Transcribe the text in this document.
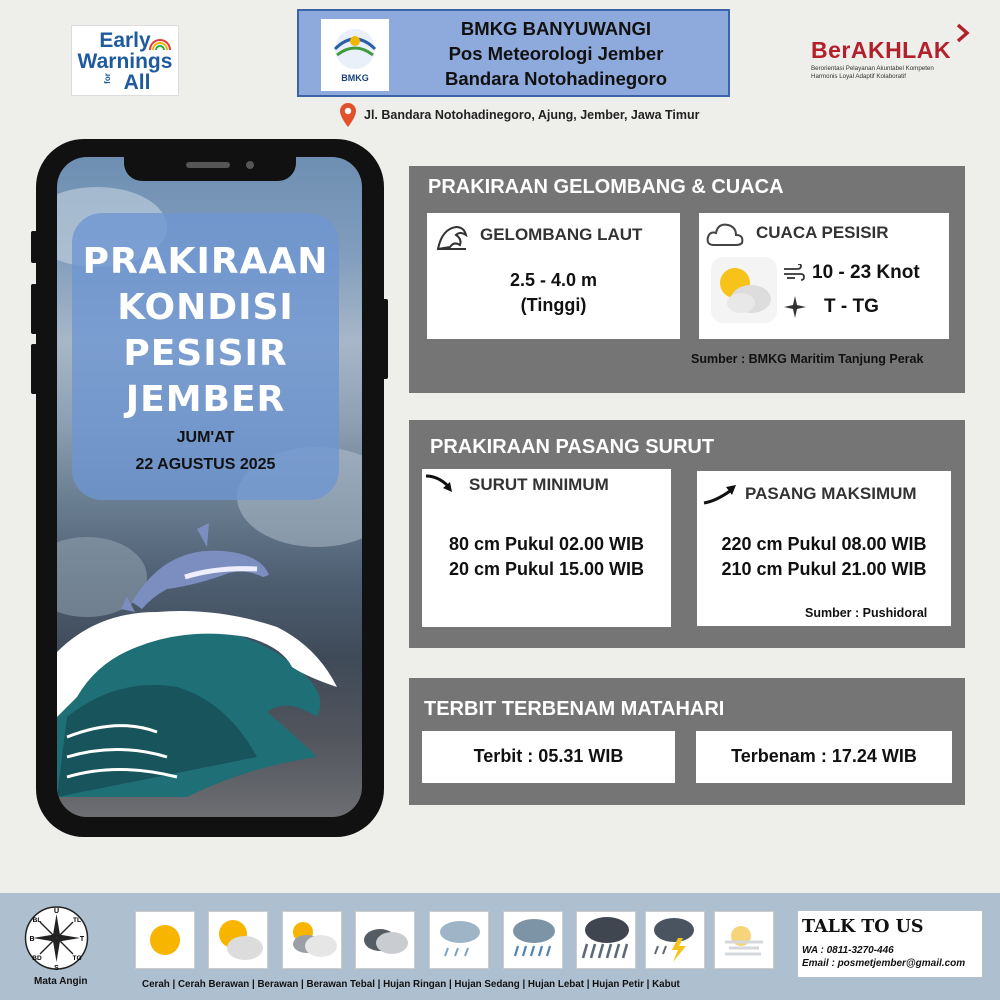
Early
Warnings
All
for	BMKG
BMKG BANYUWANGI
Pos Meteorologi Jember
Bandara Notohadinegoro
Jl. Bandara Notohadinegoro, Ajung, Jember, Jawa Timur
BerAKHLAK
Berorientasi Pelayanan Akuntabel Kompeten
Harmonis Loyal Adaptif Kolaboratif
PRAKIRAAN
KONDISI
PESISIR
JEMBER
JUM'AT
22 AGUSTUS 2025
PRAKIRAAN GELOMBANG & CUACA
GELOMBANG LAUT
2.5 - 4.0 m
(Tinggi)
CUACA PESISIR
10 - 23 Knot
T - TG
Sumber : BMKG Maritim Tanjung Perak
PRAKIRAAN PASANG SURUT
SURUT MINIMUM
80 cm Pukul 02.00 WIB
20 cm Pukul 15.00 WIB
PASANG MAKSIMUM
220 cm Pukul 08.00 WIB
210 cm Pukul 21.00 WIB
Sumber : Pushidoral
TERBIT TERBENAM MATAHARI
Terbit : 05.31 WIB	Terbenam : 17.24 WIB
U
S
B	T
BL	TL
BD	TG
Mata Angin	Cerah | Cerah Berawan | Berawan | Berawan Tebal | Hujan Ringan | Hujan Sedang | Hujan Lebat | Hujan Petir | Kabut
TALK TO US
WA : 0811-3270-446
Email : posmetjember@gmail.com
